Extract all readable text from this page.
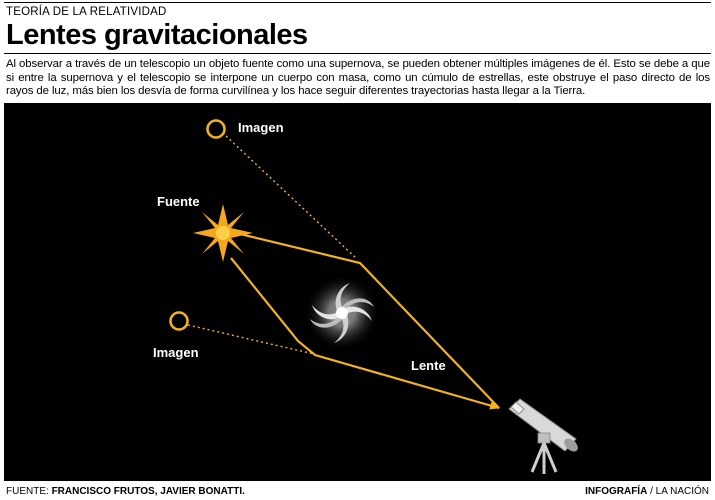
TEORÍA DE LA RELATIVIDAD
Lentes gravitacionales
Al observar a través de un telescopio un objeto fuente como una supernova, se pueden obtener múltiples imágenes de él. Esto se debe a que si entre la supernova y el telescopio se interpone un cuerpo con masa, como un cúmulo de estrellas, este obstruye el paso directo de los rayos de luz, más bien los desvía de forma curvilínea y los hace seguir diferentes trayectorias hasta llegar a la Tierra.
Imagen
Fuente
Imagen
Lente
FUENTE: FRANCISCO FRUTOS, JAVIER BONATTI.	INFOGRAFÍA / LA NACIÓN
